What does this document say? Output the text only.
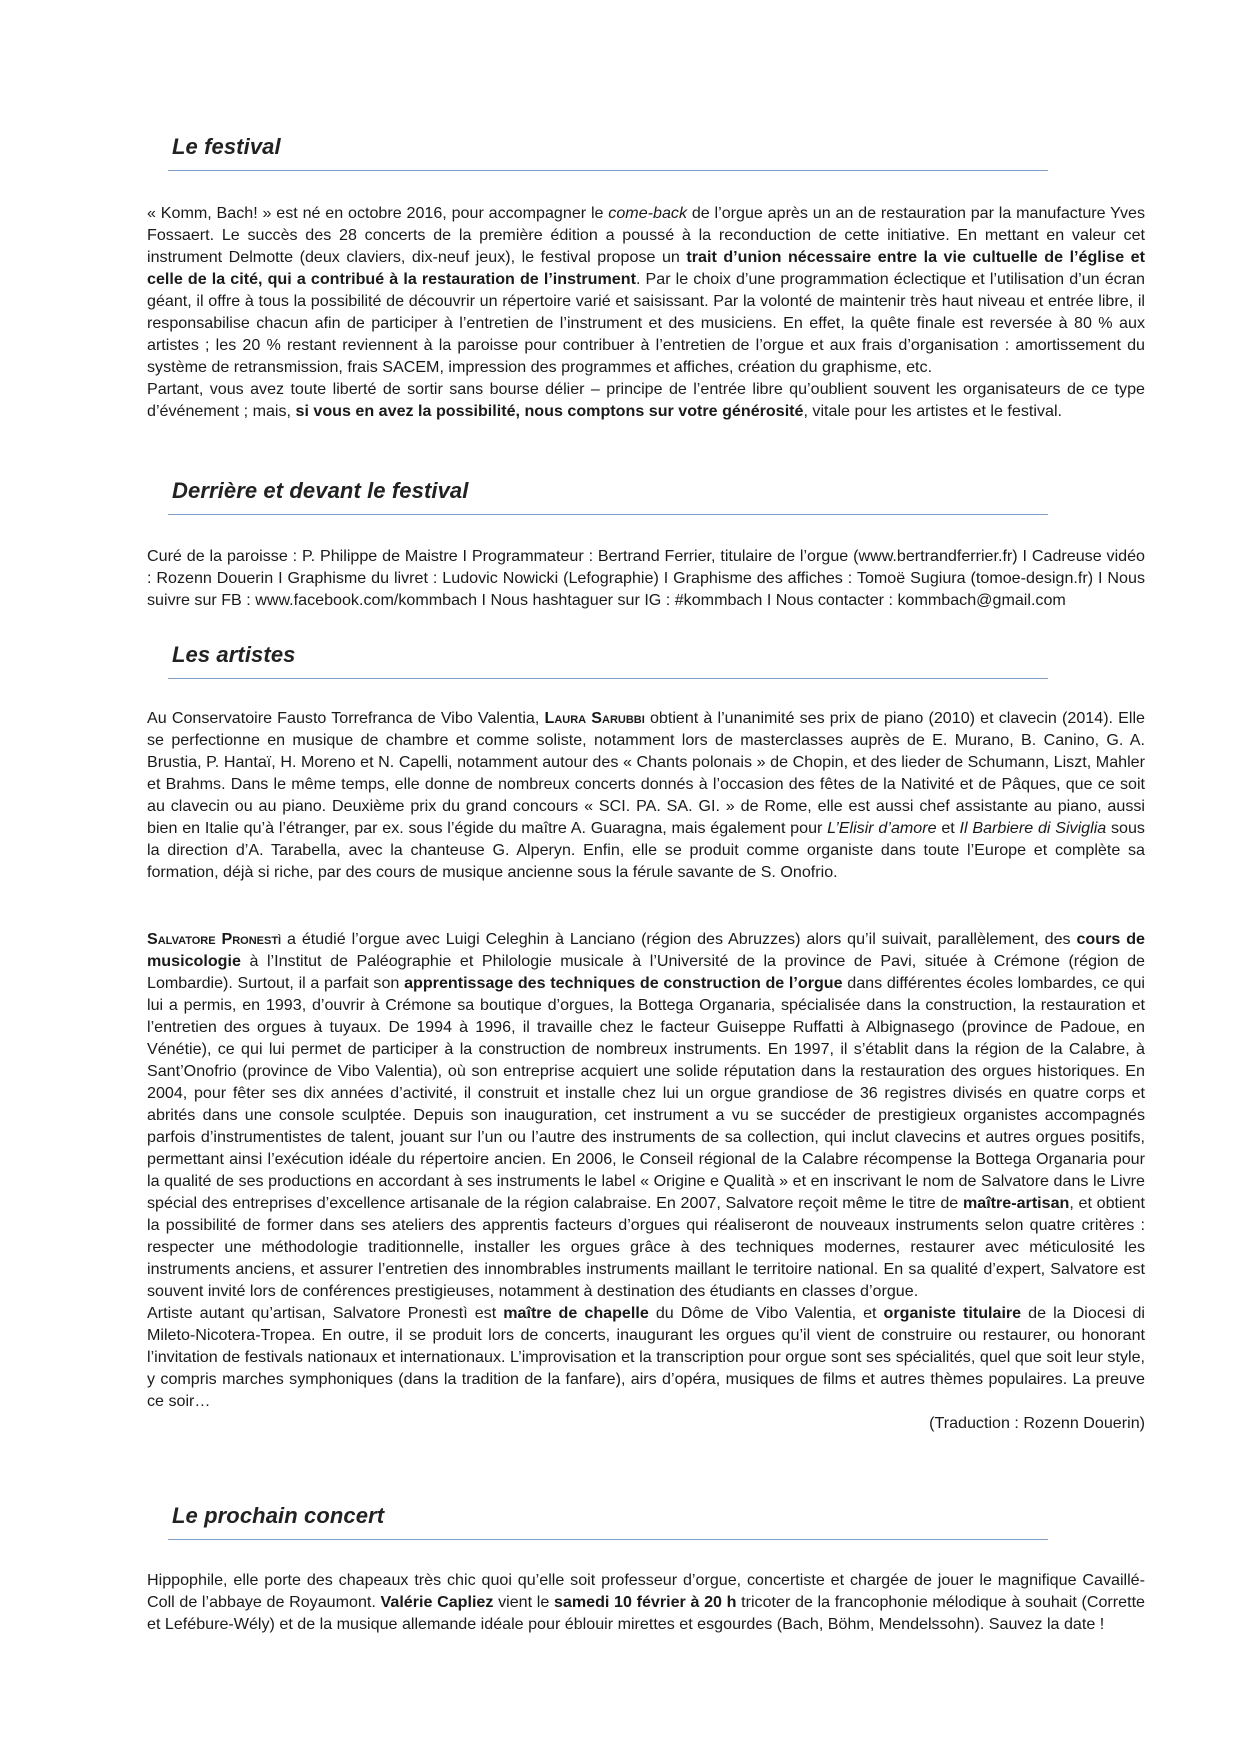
Le festival

« Komm, Bach! » est né en octobre 2016, pour accompagner le come-back de l’orgue après un an de restauration par la manufacture Yves Fossaert. Le succès des 28 concerts de la première édition a poussé à la reconduction de cette initiative. En mettant en valeur cet instrument Delmotte (deux claviers, dix-neuf jeux), le festival propose un trait d’union nécessaire entre la vie cultuelle de l’église et celle de la cité, qui a contribué à la restauration de l’instrument. Par le choix d’une programmation éclectique et l’utilisation d’un écran géant, il offre à tous la possibilité de découvrir un répertoire varié et saisissant. Par la volonté de maintenir très haut niveau et entrée libre, il responsabilise chacun afin de participer à l’entretien de l’instrument et des musiciens. En effet, la quête finale est reversée à 80 % aux artistes ; les 20 % restant reviennent à la paroisse pour contribuer à l’entretien de l’orgue et aux frais d’organisation : amortissement du système de retransmission, frais SACEM, impression des programmes et affiches, création du graphisme, etc.

Partant, vous avez toute liberté de sortir sans bourse délier – principe de l’entrée libre qu’oublient souvent les organisateurs de ce type d’événement ; mais, si vous en avez la possibilité, nous comptons sur votre générosité, vitale pour les artistes et le festival.

Derrière et devant le festival

Curé de la paroisse : P. Philippe de Maistre I Programmateur : Bertrand Ferrier, titulaire de l’orgue (www.bertrandferrier.fr) I Cadreuse vidéo : Rozenn Douerin I Graphisme du livret : Ludovic Nowicki (Lefographie) I Graphisme des affiches : Tomoë Sugiura (tomoe-design.fr) I Nous suivre sur FB : www.facebook.com/kommbach I Nous hashtaguer sur IG : #kommbach I Nous contacter : kommbach@gmail.com

Les artistes

Au Conservatoire Fausto Torrefranca de Vibo Valentia, Laura Sarubbi obtient à l’unanimité ses prix de piano (2010) et clavecin (2014). Elle se perfectionne en musique de chambre et comme soliste, notamment lors de masterclasses auprès de E. Murano, B. Canino, G. A. Brustia, P. Hantaï, H. Moreno et N. Capelli, notamment autour des « Chants polonais » de Chopin, et des lieder de Schumann, Liszt, Mahler et Brahms. Dans le même temps, elle donne de nombreux concerts donnés à l’occasion des fêtes de la Nativité et de Pâques, que ce soit au clavecin ou au piano. Deuxième prix du grand concours « SCI. PA. SA. GI. » de Rome, elle est aussi chef assistante au piano, aussi bien en Italie qu’à l’étranger, par ex. sous l’égide du maître A. Guaragna, mais également pour L’Elisir d’amore et Il Barbiere di Siviglia sous la direction d’A. Tarabella, avec la chanteuse G. Alperyn. Enfin, elle se produit comme organiste dans toute l’Europe et complète sa formation, déjà si riche, par des cours de musique ancienne sous la férule savante de S. Onofrio.

Salvatore Pronestì a étudié l’orgue avec Luigi Celeghin à Lanciano (région des Abruzzes) alors qu’il suivait, parallèlement, des cours de musicologie à l’Institut de Paléographie et Philologie musicale à l’Université de la province de Pavi, située à Crémone (région de Lombardie). Surtout, il a parfait son apprentissage des techniques de construction de l’orgue dans différentes écoles lombardes, ce qui lui a permis, en 1993, d’ouvrir à Crémone sa boutique d’orgues, la Bottega Organaria, spécialisée dans la construction, la restauration et l’entretien des orgues à tuyaux. De 1994 à 1996, il travaille chez le facteur Guiseppe Ruffatti à Albignasego (province de Padoue, en Vénétie), ce qui lui permet de participer à la construction de nombreux instruments. En 1997, il s’établit dans la région de la Calabre, à Sant’Onofrio (province de Vibo Valentia), où son entreprise acquiert une solide réputation dans la restauration des orgues historiques. En 2004, pour fêter ses dix années d’activité, il construit et installe chez lui un orgue grandiose de 36 registres divisés en quatre corps et abrités dans une console sculptée. Depuis son inauguration, cet instrument a vu se succéder de prestigieux organistes accompagnés parfois d’instrumentistes de talent, jouant sur l’un ou l’autre des instruments de sa collection, qui inclut clavecins et autres orgues positifs, permettant ainsi l’exécution idéale du répertoire ancien. En 2006, le Conseil régional de la Calabre récompense la Bottega Organaria pour la qualité de ses productions en accordant à ses instruments le label « Origine e Qualità » et en inscrivant le nom de Salvatore dans le Livre spécial des entreprises d’excellence artisanale de la région calabraise. En 2007, Salvatore reçoit même le titre de maître-artisan, et obtient la possibilité de former dans ses ateliers des apprentis facteurs d’orgues qui réaliseront de nouveaux instruments selon quatre critères : respecter une méthodologie traditionnelle, installer les orgues grâce à des techniques modernes, restaurer avec méticulosité les instruments anciens, et assurer l’entretien des innombrables instruments maillant le territoire national. En sa qualité d’expert, Salvatore est souvent invité lors de conférences prestigieuses, notamment à destination des étudiants en classes d’orgue.

Artiste autant qu’artisan, Salvatore Pronestì est maître de chapelle du Dôme de Vibo Valentia, et organiste titulaire de la Diocesi di Mileto-Nicotera-Tropea. En outre, il se produit lors de concerts, inaugurant les orgues qu’il vient de construire ou restaurer, ou honorant l’invitation de festivals nationaux et internationaux. L’improvisation et la transcription pour orgue sont ses spécialités, quel que soit leur style, y compris marches symphoniques (dans la tradition de la fanfare), airs d’opéra, musiques de films et autres thèmes populaires. La preuve ce soir…

(Traduction : Rozenn Douerin)

Le prochain concert

Hippophile, elle porte des chapeaux très chic quoi qu’elle soit professeur d’orgue, concertiste et chargée de jouer le magnifique Cavaillé-Coll de l’abbaye de Royaumont. Valérie Capliez vient le samedi 10 février à 20 h tricoter de la francophonie mélodique à souhait (Corrette et Lefébure-Wély) et de la musique allemande idéale pour éblouir mirettes et esgourdes (Bach, Böhm, Mendelssohn). Sauvez la date !
